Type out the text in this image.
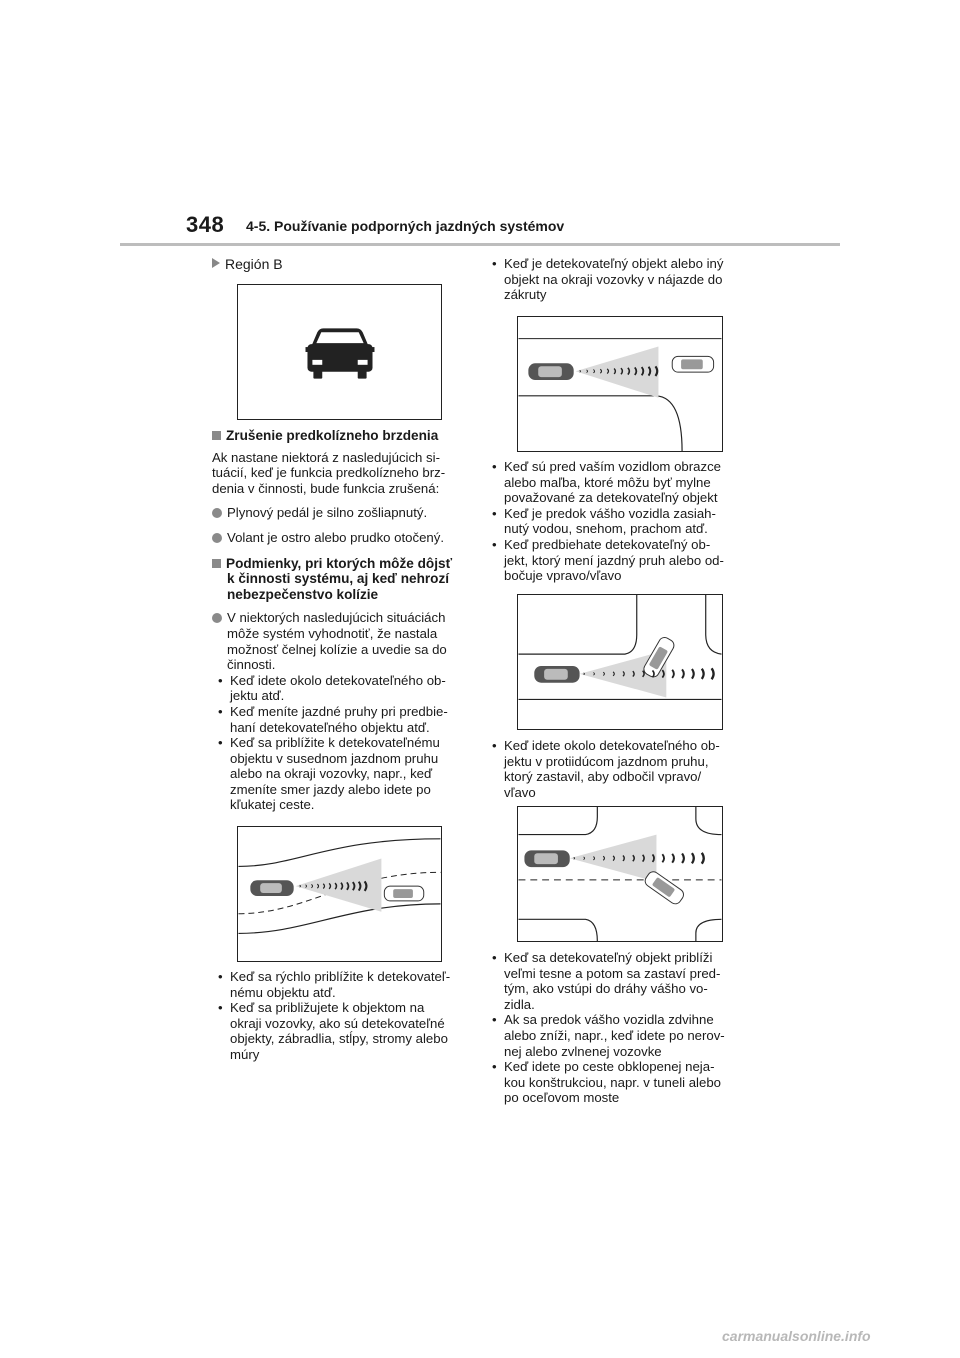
348 4-5. Používanie podporných jazdných systémov
Región B

Zrušenie predkolízneho brzdenia

Ak nastane niektorá z nasledujúcich si-
tuácií, keď je funkcia predkolízneho brz-
denia v činnosti, bude funkcia zrušená:

Plynový pedál je silno zošliapnutý.

Volant je ostro alebo prudko otočený.

Podmienky, pri ktorých môže dôjsť
k činnosti systému, aj keď nehrozí
nebezpečenstvo kolízie

V niektorých nasledujúcich situáciách
môže systém vyhodnotiť, že nastala
možnosť čelnej kolízie a uvedie sa do
činnosti.

• Keď idete okolo detekovateľného ob-
jektu atď.

• Keď meníte jazdné pruhy pri predbie-
haní detekovateľného objektu atď.

• Keď sa priblížite k detekovateľnému
objektu v susednom jazdnom pruhu
alebo na okraji vozovky, napr., keď
zmeníte smer jazdy alebo idete po
kľukatej ceste.

• Keď sa rýchlo priblížite k detekovateľ-
nému objektu atď.

• Keď sa približujete k objektom na
okraji vozovky, ako sú detekovateľné
objekty, zábradlia, stĺpy, stromy alebo
múry

• Keď je detekovateľný objekt alebo iný
objekt na okraji vozovky v nájazde do
zákruty

• Keď sú pred vaším vozidlom obrazce
alebo maľba, ktoré môžu byť mylne
považované za detekovateľný objekt

• Keď je predok vášho vozidla zasiah-
nutý vodou, snehom, prachom atď.

• Keď predbiehate detekovateľný ob-
jekt, ktorý mení jazdný pruh alebo od-
bočuje vpravo/vľavo

• Keď idete okolo detekovateľného ob-
jektu v protiidúcom jazdnom pruhu,
ktorý zastavil, aby odbočil vpravo/
vľavo

• Keď sa detekovateľný objekt priblíži
veľmi tesne a potom sa zastaví pred-
tým, ako vstúpi do dráhy vášho vo-
zidla.

• Ak sa predok vášho vozidla zdvihne
alebo zníži, napr., keď idete po nerov-
nej alebo zvlnenej vozovke

• Keď idete po ceste obklopenej neja-
kou konštrukciou, napr. v tuneli alebo
po oceľovom moste

carmanualsonline.info
